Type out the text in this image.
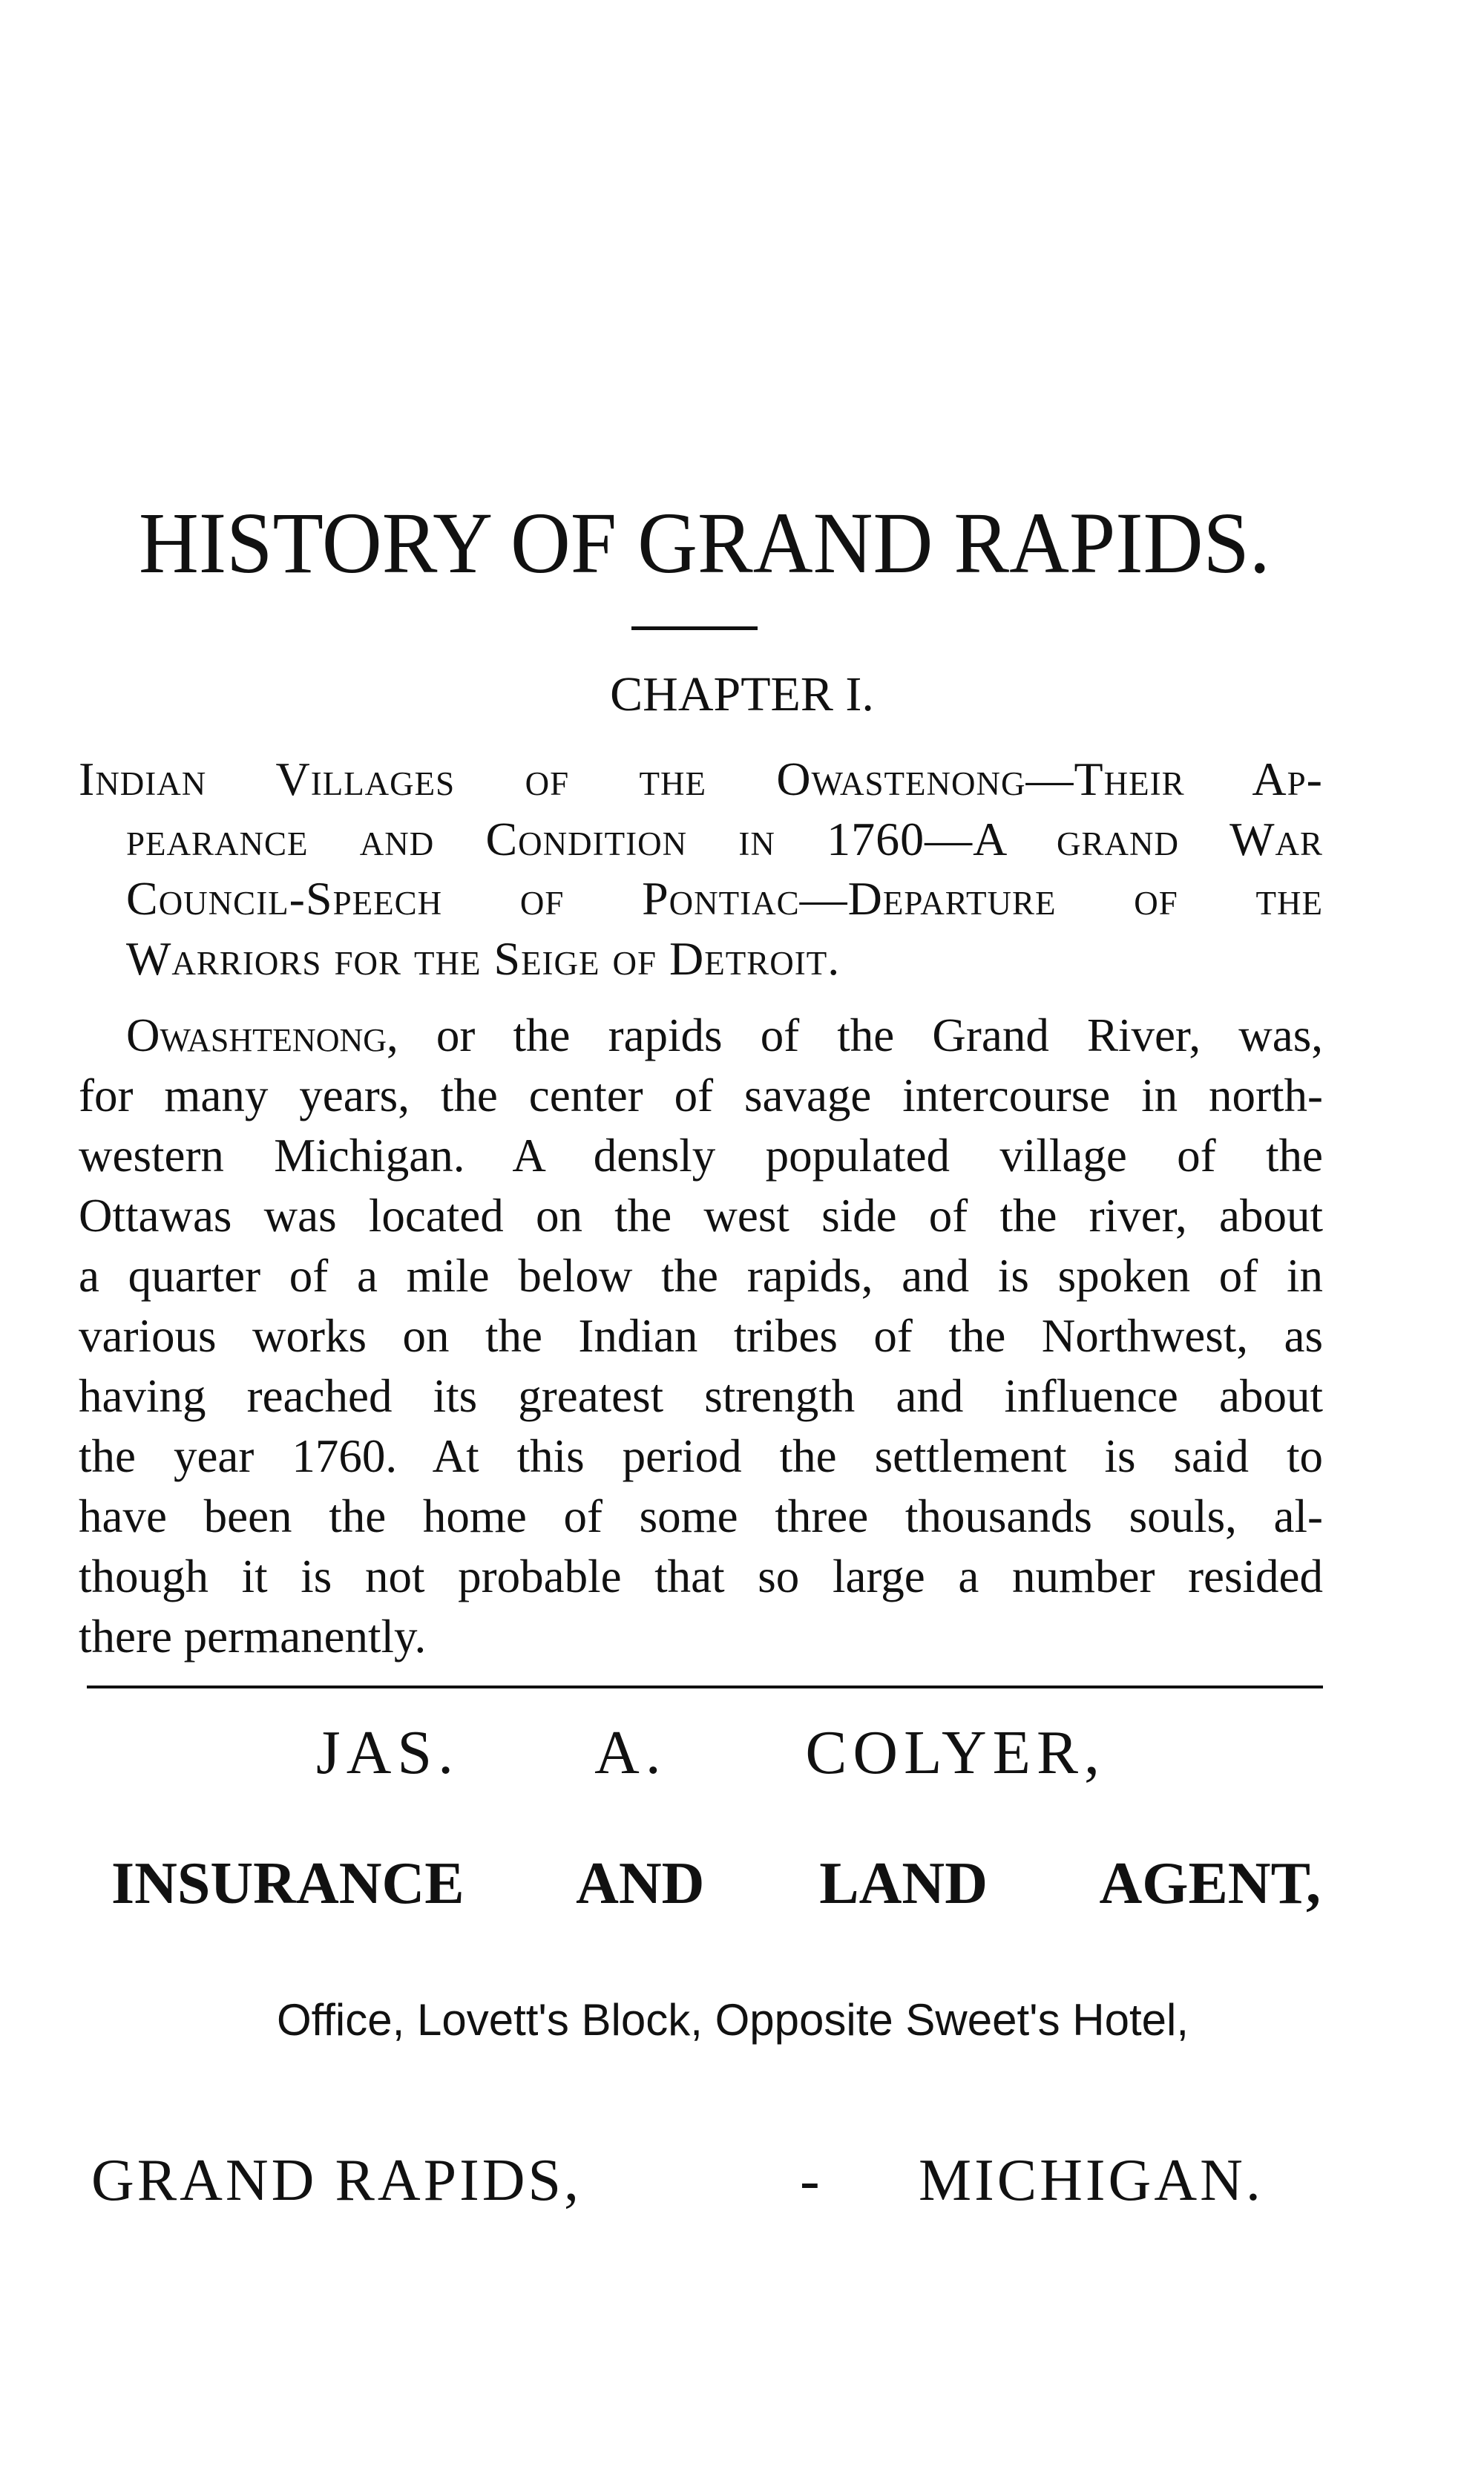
HISTORY OF GRAND RAPIDS.
CHAPTER I.
Indian Villages of the Owastenong—Their Ap-
pearance and Condition in 1760—A grand War
Council-Speech of Pontiac—Departure of the
Warriors for the Seige of Detroit.
Owashtenong, or the rapids of the Grand River, was,
for many years, the center of savage intercourse in north-
western Michigan. A densly populated village of the
Ottawas was located on the west side of the river, about
a quarter of a mile below the rapids, and is spoken of in
various works on the Indian tribes of the Northwest, as
having reached its greatest strength and influence about
the year 1760. At this period the settlement is said to
have been the home of some three thousands souls, al-
though it is not probable that so large a number resided
there permanently.
JAS. A. COLYER,
INSURANCE AND LAND AGENT,
Office, Lovett's Block, Opposite Sweet's Hotel,
GRAND RAPIDS,	- MICHIGAN.
